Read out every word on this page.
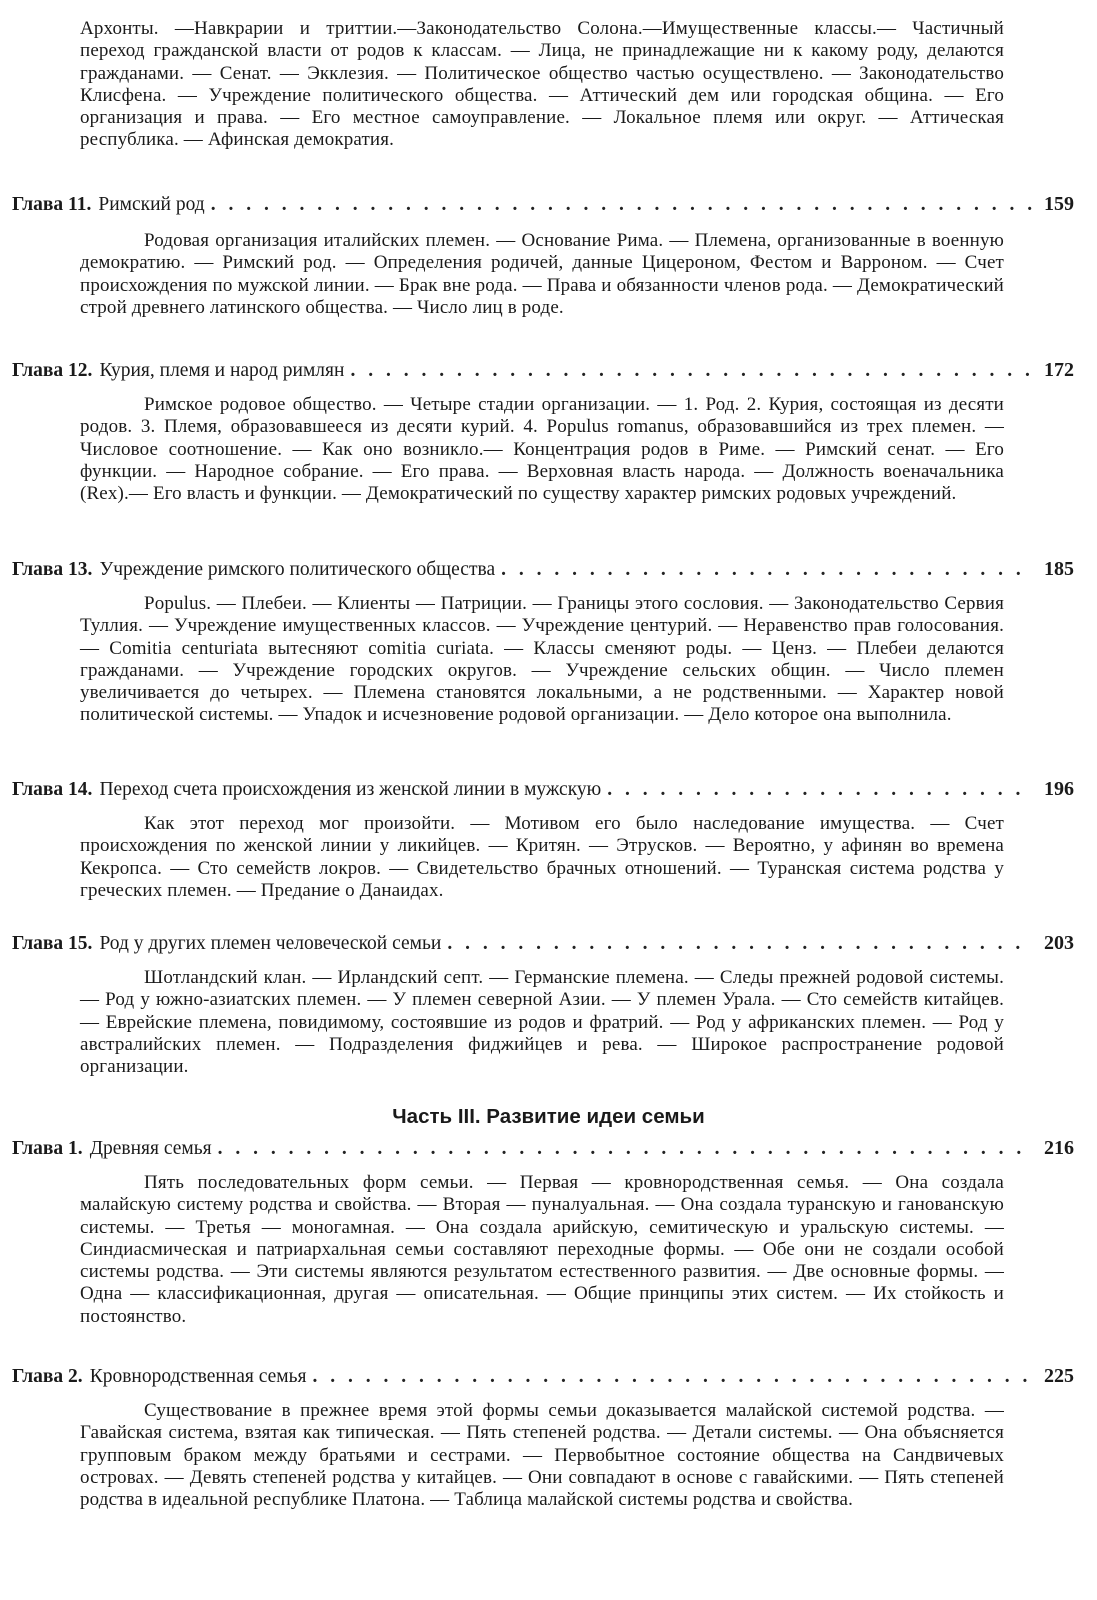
Архонты. —Навкрарии и триттии.—Законодательство Солона.—Имущественные классы.— Частичный переход гражданской власти от родов к классам. — Лица, не принадлежащие ни к какому роду, делаются гражданами. — Сенат. — Экклезия. — Политическое общество частью осуществлено. — Законодательство Клисфена. — Учреждение политического общества. — Аттический дем или городская община. — Его организация и права. — Его местное самоуправление. — Локальное племя или округ. — Аттическая республика. — Афинская демократия.

Глава 11. Римский род . . .	159

Родовая организация италийских племен. — Основание Рима. — Племена, организованные в военную демократию. — Римский род. — Определения родичей, данные Цицероном, Фестом и Варроном. — Счет происхождения по мужской линии. — Брак вне рода. — Права и обязанности членов рода. — Демократический строй древнего латинского общества. — Число лиц в роде.

Глава 12. Курия, племя и народ римлян . . .	172

Римское родовое общество. — Четыре стадии организации. — 1. Род. 2. Курия, состоящая из десяти родов. 3. Племя, образовавшееся из десяти курий. 4. Populus romanus, образовавшийся из трех племен. — Числовое соотношение. — Как оно возникло.— Концентрация родов в Риме. — Римский сенат. — Его функции. — Народное собрание. — Его права. — Верховная власть народа. — Должность военачальника (Rex).— Его власть и функции. — Демократический по существу характер римских родовых учреждений.

Глава 13. Учреждение римского политического общества . . .	185

Populus. — Плебеи. — Клиенты — Патриции. — Границы этого сословия. — Законодательство Сервия Туллия. — Учреждение имущественных классов. — Учреждение центурий. — Неравенство прав голосования. — Comitia centuriata вытесняют comitia curiata. — Классы сменяют роды. — Ценз. — Плебеи делаются гражданами. — Учреждение городских округов. — Учреждение сельских общин. — Число племен увеличивается до четырех. — Племена становятся локальными, а не родственными. — Характер новой политической системы. — Упадок и исчезновение родовой организации. — Дело которое она выполнила.

Глава 14. Переход счета происхождения из женской линии в мужскую . . .	196

Как этот переход мог произойти. — Мотивом его было наследование имущества. — Счет происхождения по женской линии у ликийцев. — Критян. — Этрусков. — Вероятно, у афинян во времена Кекропса. — Сто семейств локров. — Свидетельство брачных отношений. — Туранская система родства у греческих племен. — Предание о Данаидах.

Глава 15. Род у других племен человеческой семьи . . .	203

Шотландский клан. — Ирландский септ. — Германские племена. — Следы прежней родовой системы. — Род у южно-азиатских племен. — У племен северной Азии. — У племен Урала. — Сто семейств китайцев. — Еврейские племена, повидимому, состоявшие из родов и фратрий. — Род у африканских племен. — Род у австралийских племен. — Подразделения фиджийцев и рева. — Широкое распространение родовой организации.

Часть III. Развитие идеи семьи
Глава 1. Древняя семья . . .	216

Пять последовательных форм семьи. — Первая — кровнородственная семья. — Она создала малайскую систему родства и свойства. — Вторая — пуналуальная. — Она создала туранскую и ганованскую системы. — Третья — моногамная. — Она создала арийскую, семитическую и уральскую системы. — Синдиасмическая и патриархальная семьи составляют переходные формы. — Обе они не создали особой системы родства. — Эти системы являются результатом естественного развития. — Две основные формы. — Одна — классификационная, другая — описательная. — Общие принципы этих систем. — Их стойкость и постоянство.

Глава 2. Кровнородственная семья . . .	225

Существование в прежнее время этой формы семьи доказывается малайской системой родства. — Гавайская система, взятая как типическая. — Пять степеней родства. — Детали системы. — Она объясняется групповым браком между братьями и сестрами. — Первобытное состояние общества на Сандвичевых островах. — Девять степеней родства у китайцев. — Они совпадают в основе с гавайскими. — Пять степеней родства в идеальной республике Платона. — Таблица малайской системы родства и свойства.
